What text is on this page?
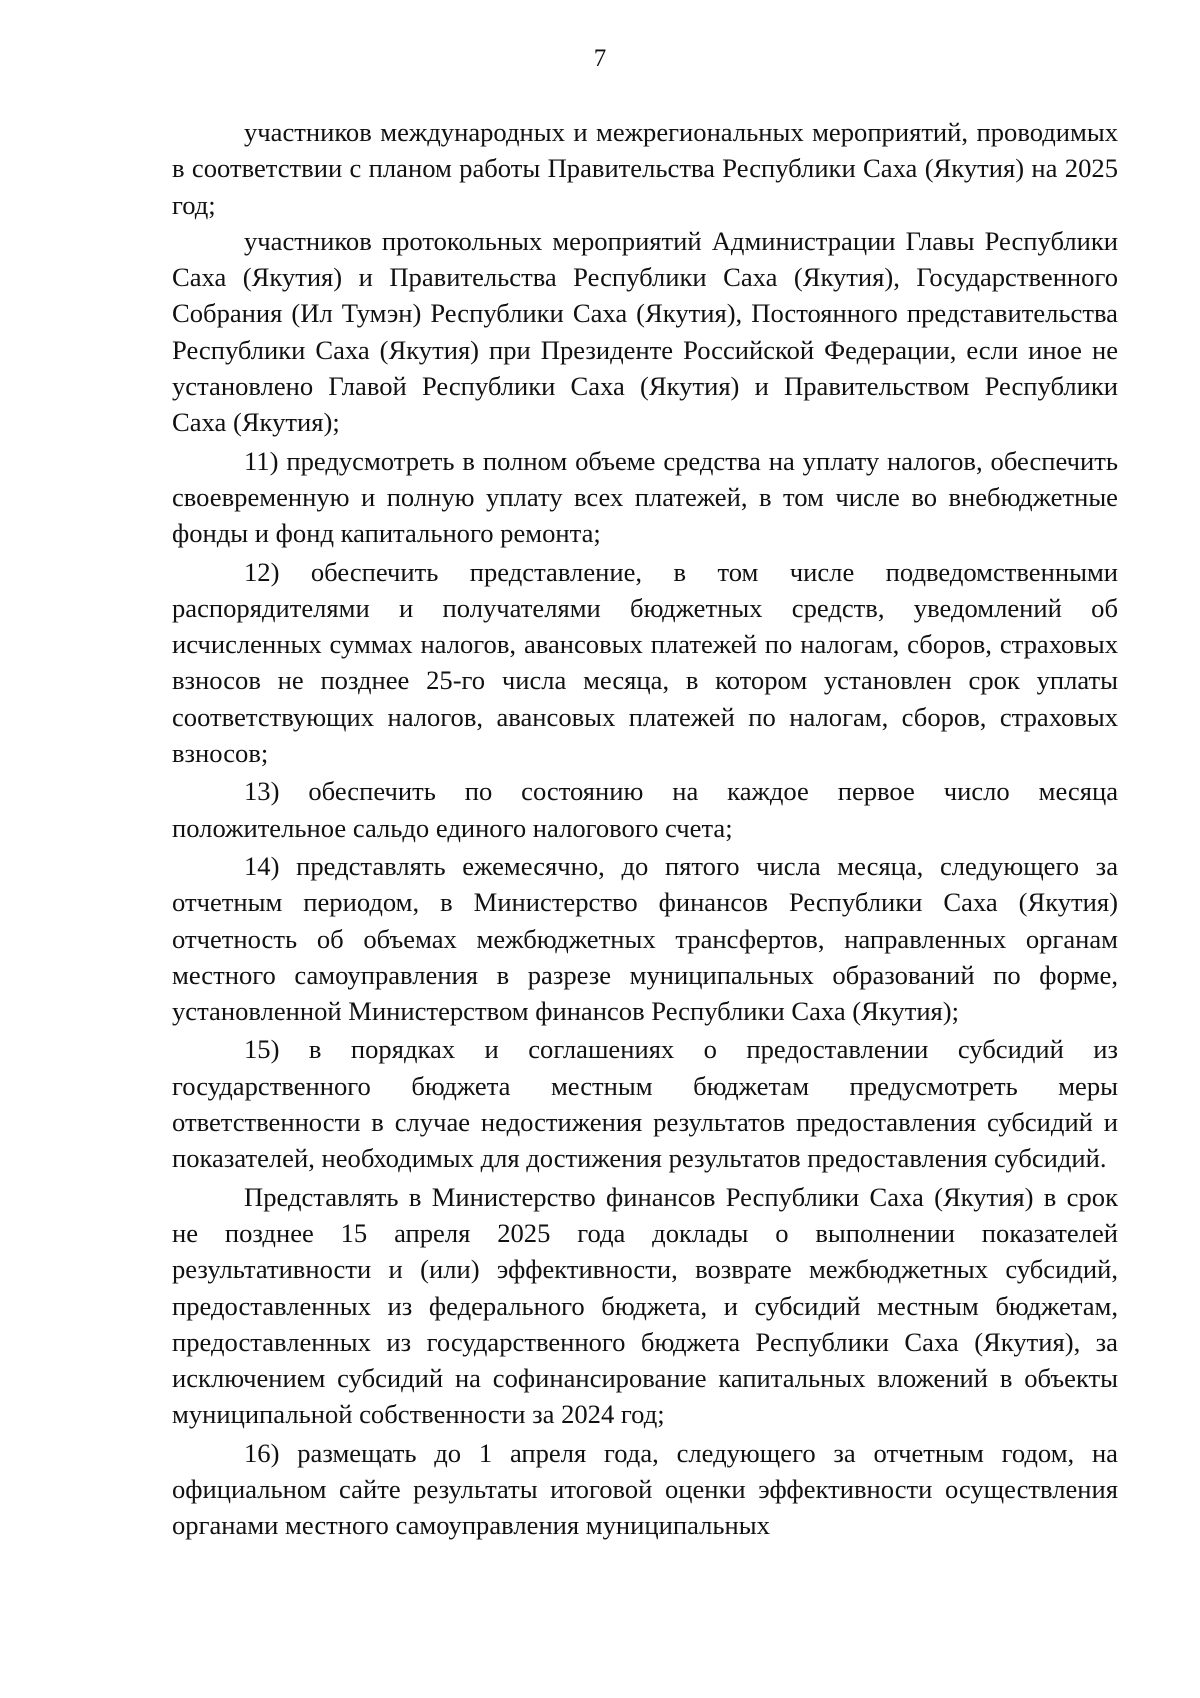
7

участников международных и межрегиональных мероприятий, проводимых в соответствии с планом работы Правительства Республики Саха (Якутия) на 2025 год;

участников протокольных мероприятий Администрации Главы Республики Саха (Якутия) и Правительства Республики Саха (Якутия), Государственного Собрания (Ил Тумэн) Республики Саха (Якутия), Постоянного представительства Республики Саха (Якутия) при Президенте Российской Федерации, если иное не установлено Главой Республики Саха (Якутия) и Правительством Республики Саха (Якутия);

11) предусмотреть в полном объеме средства на уплату налогов, обеспечить своевременную и полную уплату всех платежей, в том числе во внебюджетные фонды и фонд капитального ремонта;

12) обеспечить представление, в том числе подведомственными распорядителями и получателями бюджетных средств, уведомлений об исчисленных суммах налогов, авансовых платежей по налогам, сборов, страховых взносов не позднее 25-го числа месяца, в котором установлен срок уплаты соответствующих налогов, авансовых платежей по налогам, сборов, страховых взносов;

13) обеспечить по состоянию на каждое первое число месяца положительное сальдо единого налогового счета;

14) представлять ежемесячно, до пятого числа месяца, следующего за отчетным периодом, в Министерство финансов Республики Саха (Якутия) отчетность об объемах межбюджетных трансфертов, направленных органам местного самоуправления в разрезе муниципальных образований по форме, установленной Министерством финансов Республики Саха (Якутия);

15) в порядках и соглашениях о предоставлении субсидий из государственного бюджета местным бюджетам предусмотреть меры ответственности в случае недостижения результатов предоставления субсидий и показателей, необходимых для достижения результатов предоставления субсидий.

Представлять в Министерство финансов Республики Саха (Якутия) в срок не позднее 15 апреля 2025 года доклады о выполнении показателей результативности и (или) эффективности, возврате межбюджетных субсидий, предоставленных из федерального бюджета, и субсидий местным бюджетам, предоставленных из государственного бюджета Республики Саха (Якутия), за исключением субсидий на софинансирование капитальных вложений в объекты муниципальной собственности за 2024 год;

16) размещать до 1 апреля года, следующего за отчетным годом, на официальном сайте результаты итоговой оценки эффективности осуществления органами местного самоуправления муниципальных
